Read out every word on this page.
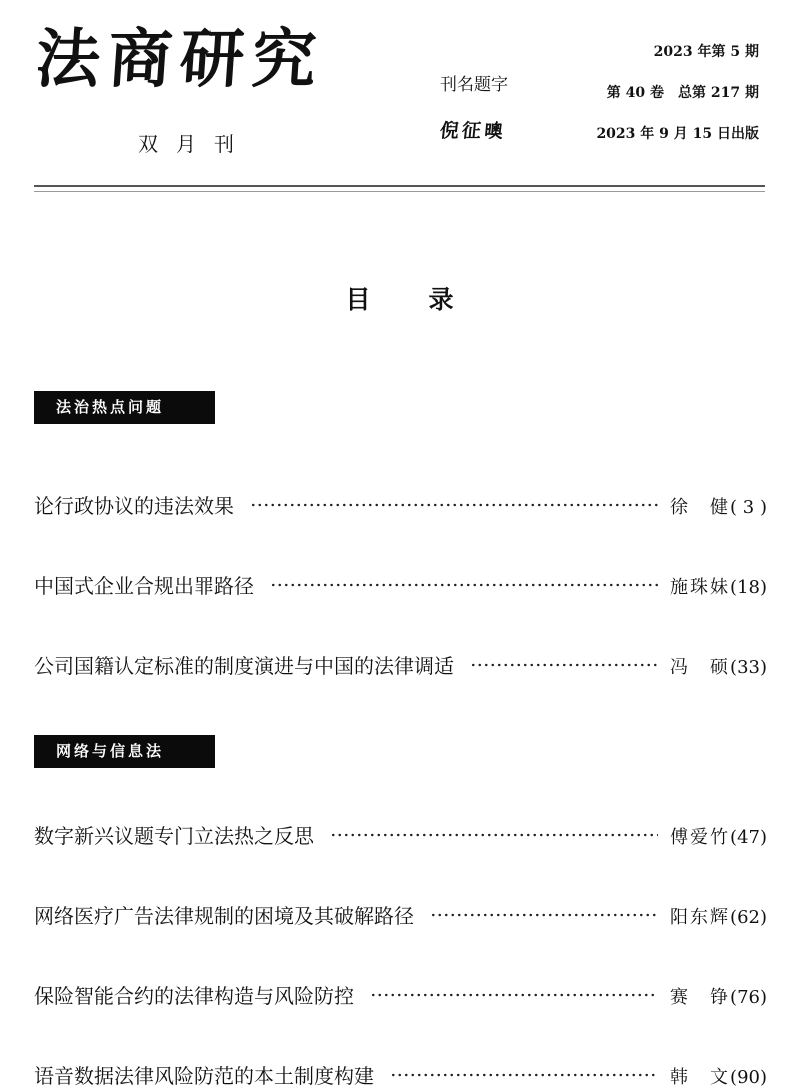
法商研究
双月刊
刊名题字
倪征𣋉
2023 年第 5 期
第 40 卷　总第 217 期
2023 年 9 月 15 日出版
目录
法治热点问题
论行政协议的违法效果	徐　健 ( 3 )
中国式企业合规出罪路径	施珠妹 (18)
公司国籍认定标准的制度演进与中国的法律调适	冯　硕 (33)
网络与信息法
数字新兴议题专门立法热之反思	傅爱竹 (47)
网络医疗广告法律规制的困境及其破解路径	阳东辉 (62)
保险智能合约的法律构造与风险防控	赛　铮 (76)
语音数据法律风险防范的本土制度构建	韩　文 (90)
